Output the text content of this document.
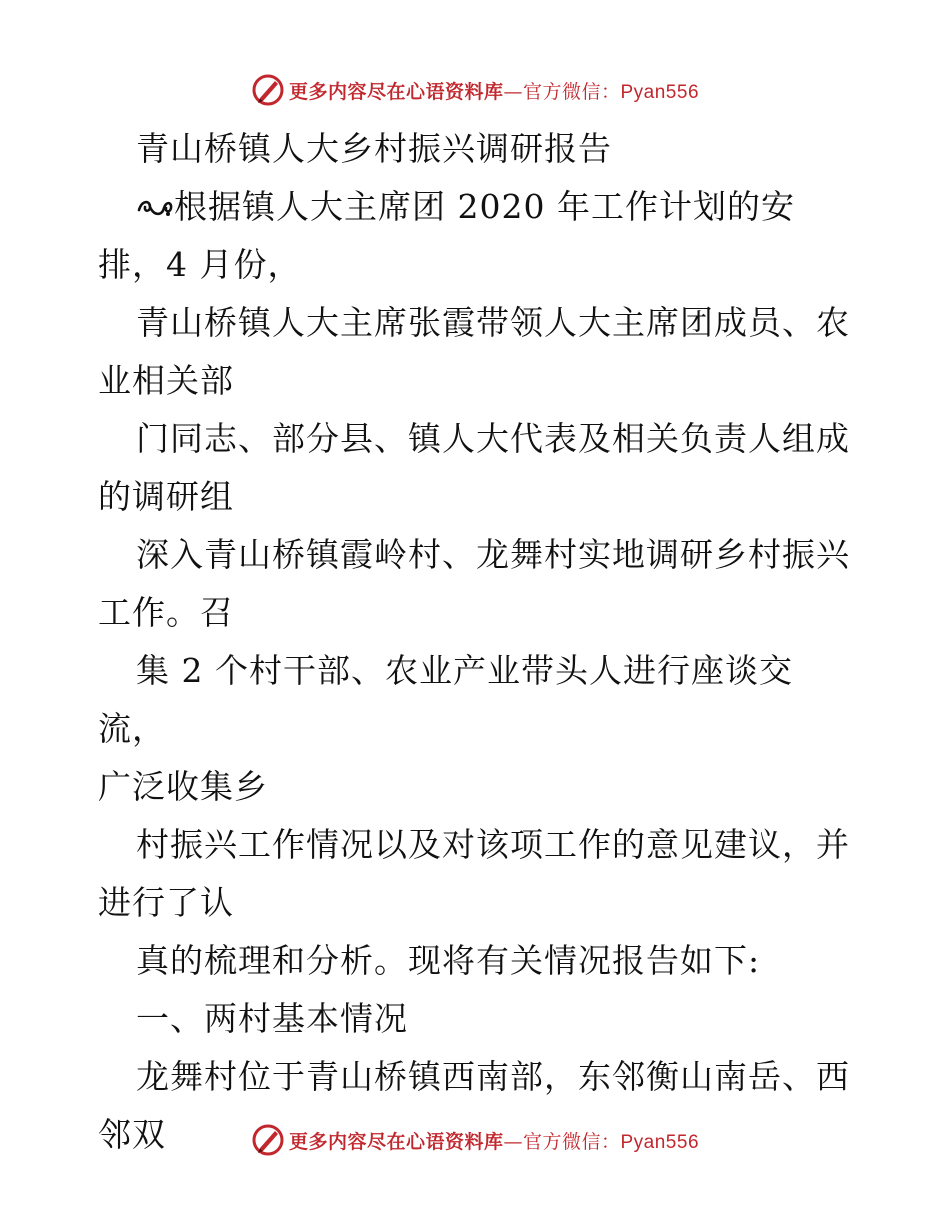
更多内容尽在心语资料库—官方微信：Pyan556

青山桥镇人大乡村振兴调研报告

根据镇人大主席团 2020 年工作计划的安

排，4 月份，

青山桥镇人大主席张霞带领人大主席团成员、农

业相关部

门同志、部分县、镇人大代表及相关负责人组成

的调研组

深入青山桥镇霞岭村、龙舞村实地调研乡村振兴

工作。召

集 2 个村干部、农业产业带头人进行座谈交流，

广泛收集乡

村振兴工作情况以及对该项工作的意见建议，并

进行了认

真的梳理和分析。现将有关情况报告如下:

一、两村基本情况

龙舞村位于青山桥镇西南部，东邻衡山南岳、西

邻双	更多内容尽在心语资料库—官方微信：Pyan556
